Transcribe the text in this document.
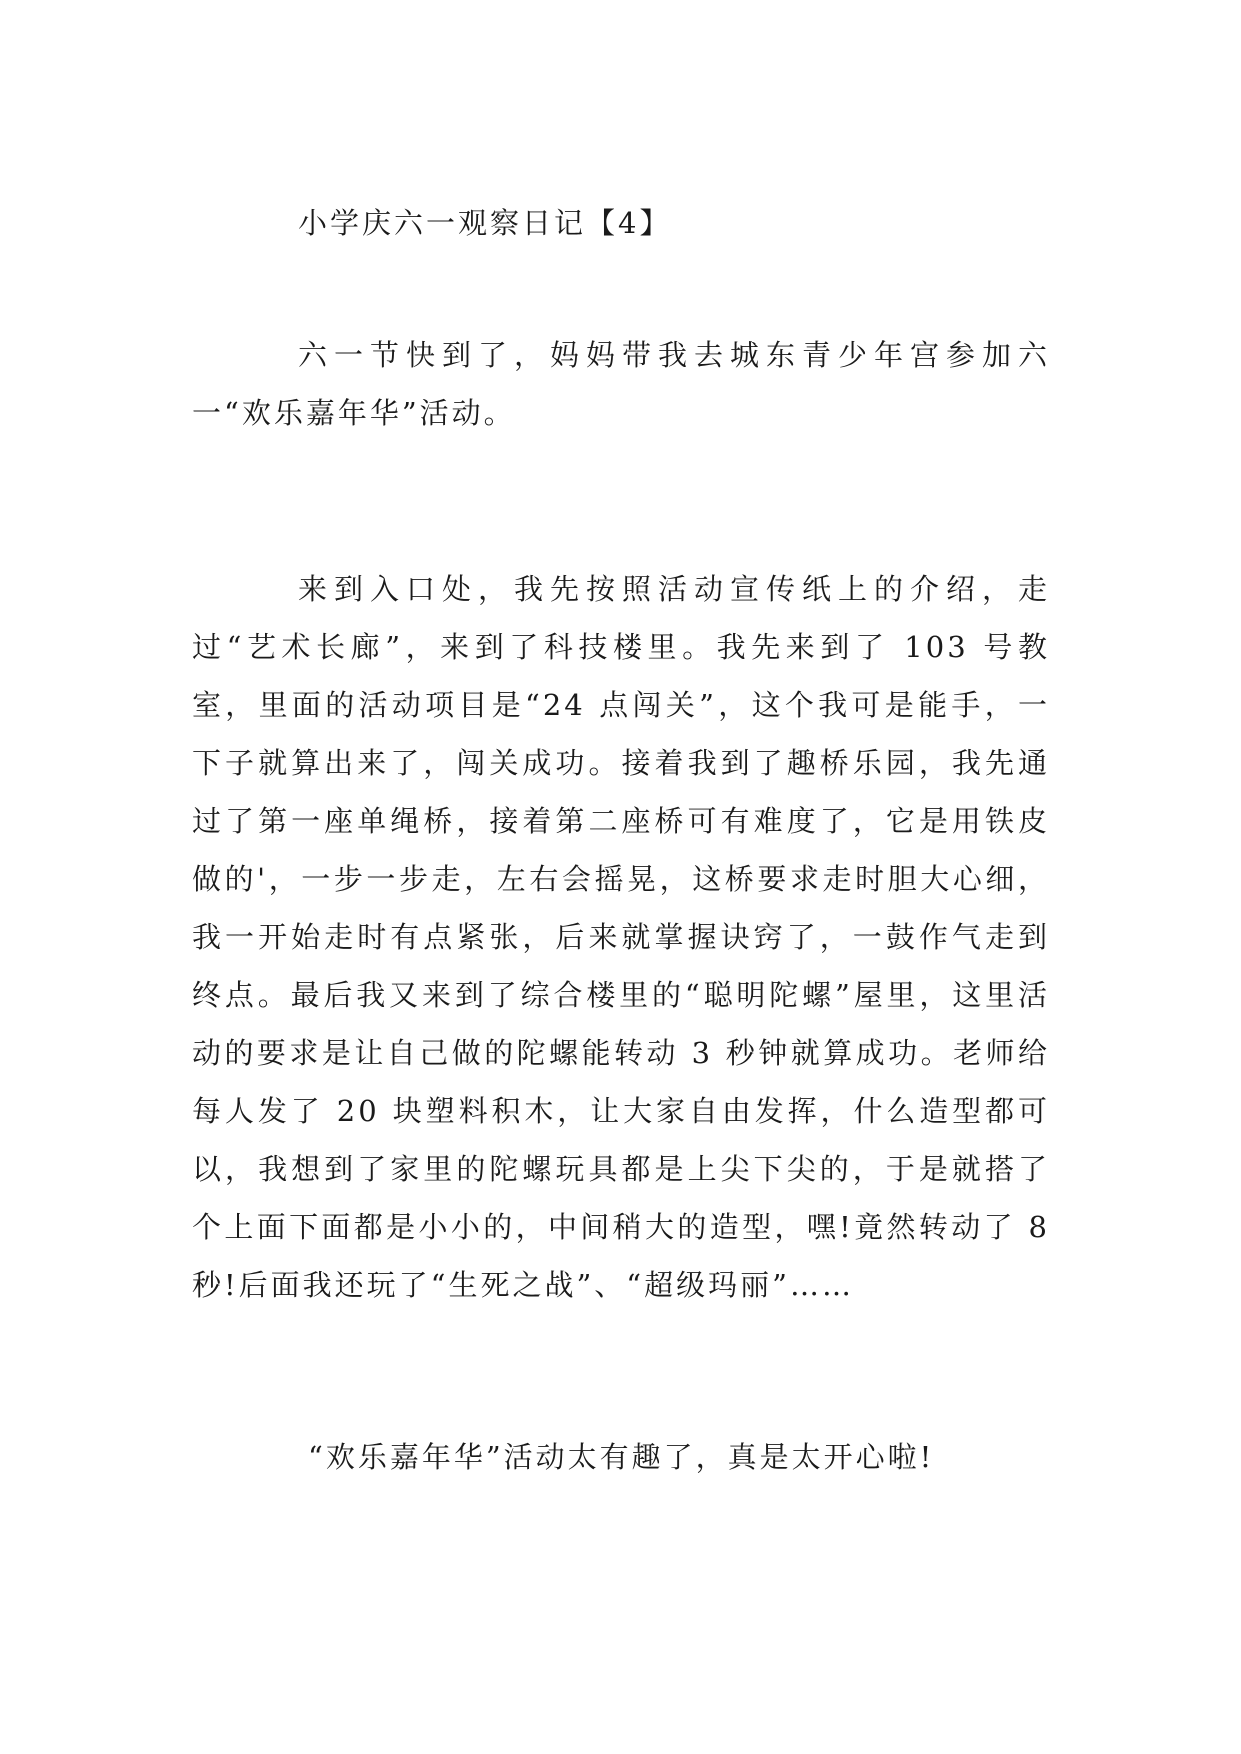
小学庆六一观察日记【4】

六一节快到了，妈妈带我去城东青少年宫参加六一“欢乐嘉年华”活动。

来到入口处，我先按照活动宣传纸上的介绍，走过“艺术长廊”，来到了科技楼里。我先来到了 103 号教室，里面的活动项目是“24 点闯关”，这个我可是能手，一下子就算出来了，闯关成功。接着我到了趣桥乐园，我先通过了第一座单绳桥，接着第二座桥可有难度了，它是用铁皮做的'，一步一步走，左右会摇晃，这桥要求走时胆大心细，我一开始走时有点紧张，后来就掌握诀窍了，一鼓作气走到终点。最后我又来到了综合楼里的“聪明陀螺”屋里，这里活动的要求是让自己做的陀螺能转动 3 秒钟就算成功。老师给每人发了 20 块塑料积木，让大家自由发挥，什么造型都可以，我想到了家里的陀螺玩具都是上尖下尖的，于是就搭了个上面下面都是小小的，中间稍大的造型，嘿!竟然转动了 8 秒!后面我还玩了“生死之战”、“超级玛丽”……

“欢乐嘉年华”活动太有趣了，真是太开心啦!
